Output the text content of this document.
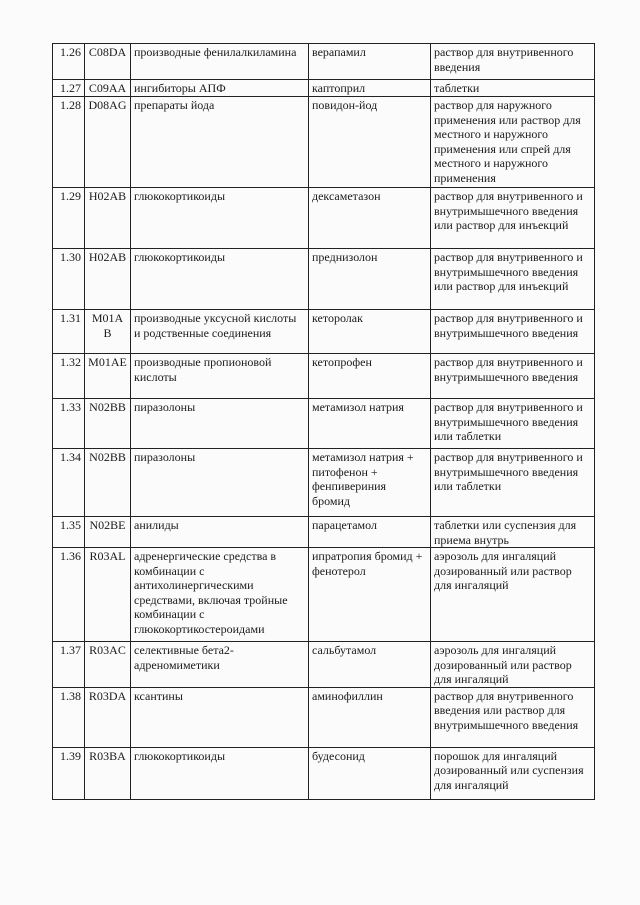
1.26	C08DA	производные фенилалкиламина	верапамил	раствор для внутривенного введения
1.27	C09AA	ингибиторы АПФ	каптоприл	таблетки
1.28	D08AG	препараты йода	повидон-йод	раствор для наружного применения или раствор для местного и наружного применения или спрей для местного и наружного применения
1.29	H02AB	глюкокортикоиды	дексаметазон	раствор для внутривенного и внутримышечного введения или раствор для инъекций
1.30	H02AB	глюкокортикоиды	преднизолон	раствор для внутривенного и внутримышечного введения или раствор для инъекций
1.31	M01AB	производные уксусной кислоты и родственные соединения	кеторолак	раствор для внутривенного и внутримышечного введения
1.32	M01AE	производные пропионовой кислоты	кетопрофен	раствор для внутривенного и внутримышечного введения
1.33	N02BB	пиразолоны	метамизол натрия	раствор для внутривенного и внутримышечного введения или таблетки
1.34	N02BB	пиразолоны	метамизол натрия + питофенон + фенпивериния бромид	раствор для внутривенного и внутримышечного введения или таблетки
1.35	N02BE	анилиды	парацетамол	таблетки или суспензия для приема внутрь
1.36	R03AL	адренергические средства в комбинации с антихолинергическими средствами, включая тройные комбинации с глюкокортикостероидами	ипратропия бромид + фенотерол	аэрозоль для ингаляций дозированный или раствор для ингаляций
1.37	R03AC	селективные бета2-адреномиметики	сальбутамол	аэрозоль для ингаляций дозированный или раствор для ингаляций
1.38	R03DA	ксантины	аминофиллин	раствор для внутривенного введения или раствор для внутримышечного введения
1.39	R03BA	глюкокортикоиды	будесонид	порошок для ингаляций дозированный или суспензия для ингаляций
